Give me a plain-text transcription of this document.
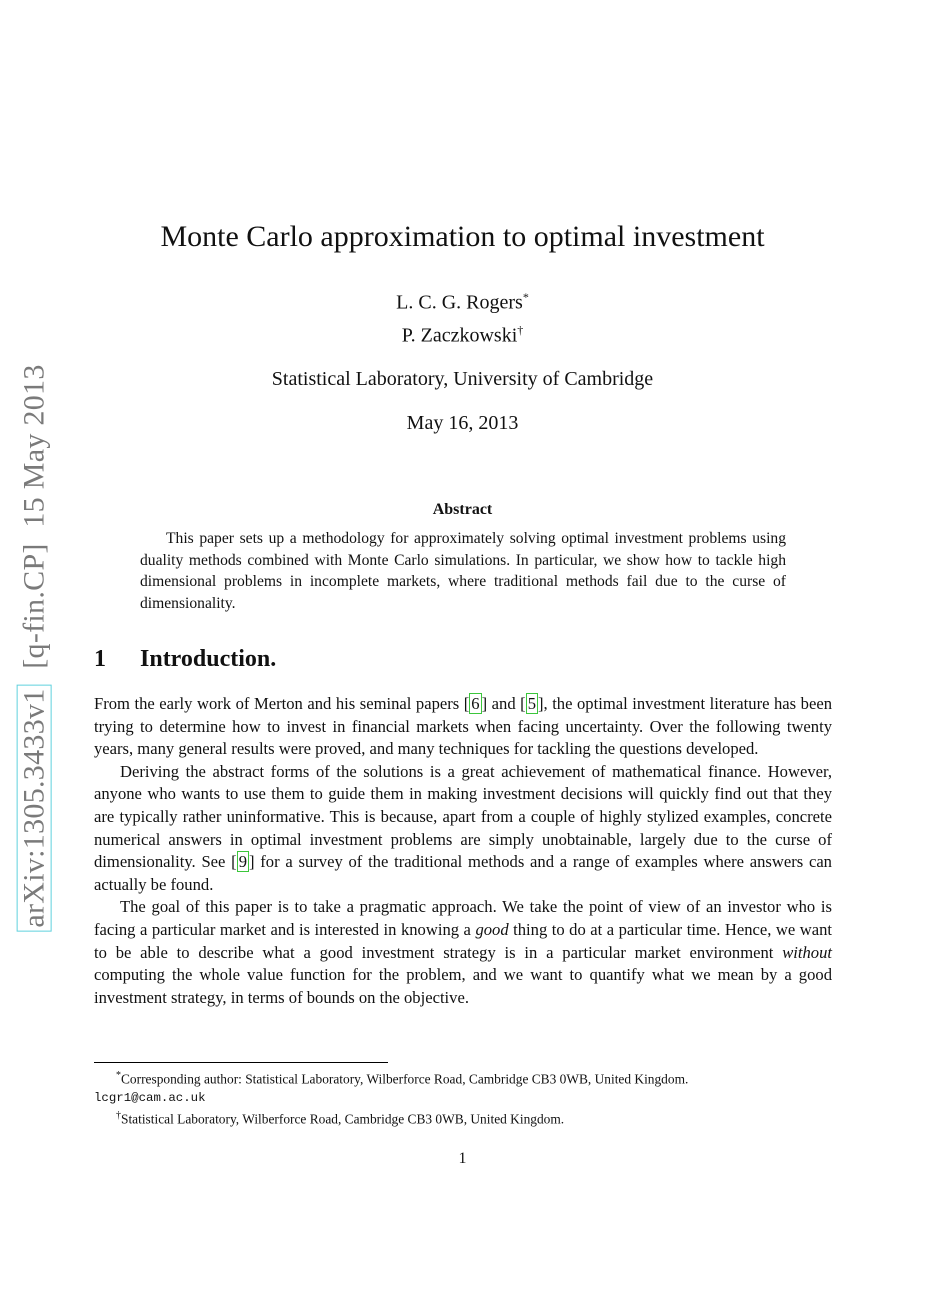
arXiv:1305.3433v1  [q-fin.CP]  15 May 2013
Monte Carlo approximation to optimal investment
L. C. G. Rogers*
P. Zaczkowski†
Statistical Laboratory, University of Cambridge
May 16, 2013
Abstract

This paper sets up a methodology for approximately solving optimal investment problems using duality methods combined with Monte Carlo simulations. In particular, we show how to tackle high dimensional problems in incomplete markets, where traditional methods fail due to the curse of dimensionality.

1 Introduction.

From the early work of Merton and his seminal papers [ 6 ] and [ 5 ], the optimal investment literature has been trying to determine how to invest in financial markets when facing uncertainty. Over the following twenty years, many general results were proved, and many techniques for tackling the questions developed.

Deriving the abstract forms of the solutions is a great achievement of mathematical finance. However, anyone who wants to use them to guide them in making investment decisions will quickly find out that they are typically rather uninformative. This is because, apart from a couple of highly stylized examples, concrete numerical answers in optimal investment problems are simply unobtainable, largely due to the curse of dimensionality. See [ 9 ] for a survey of the traditional methods and a range of examples where answers can actually be found.

The goal of this paper is to take a pragmatic approach. We take the point of view of an investor who is facing a particular market and is interested in knowing a good thing to do at a particular time. Hence, we want to be able to describe what a good investment strategy is in a particular market environment without computing the whole value function for the problem, and we want to quantify what we mean by a good investment strategy, in terms of bounds on the objective.

*Corresponding author: Statistical Laboratory, Wilberforce Road, Cambridge CB3 0WB, United Kingdom.

lcgr1@cam.ac.uk

†Statistical Laboratory, Wilberforce Road, Cambridge CB3 0WB, United Kingdom.

1
